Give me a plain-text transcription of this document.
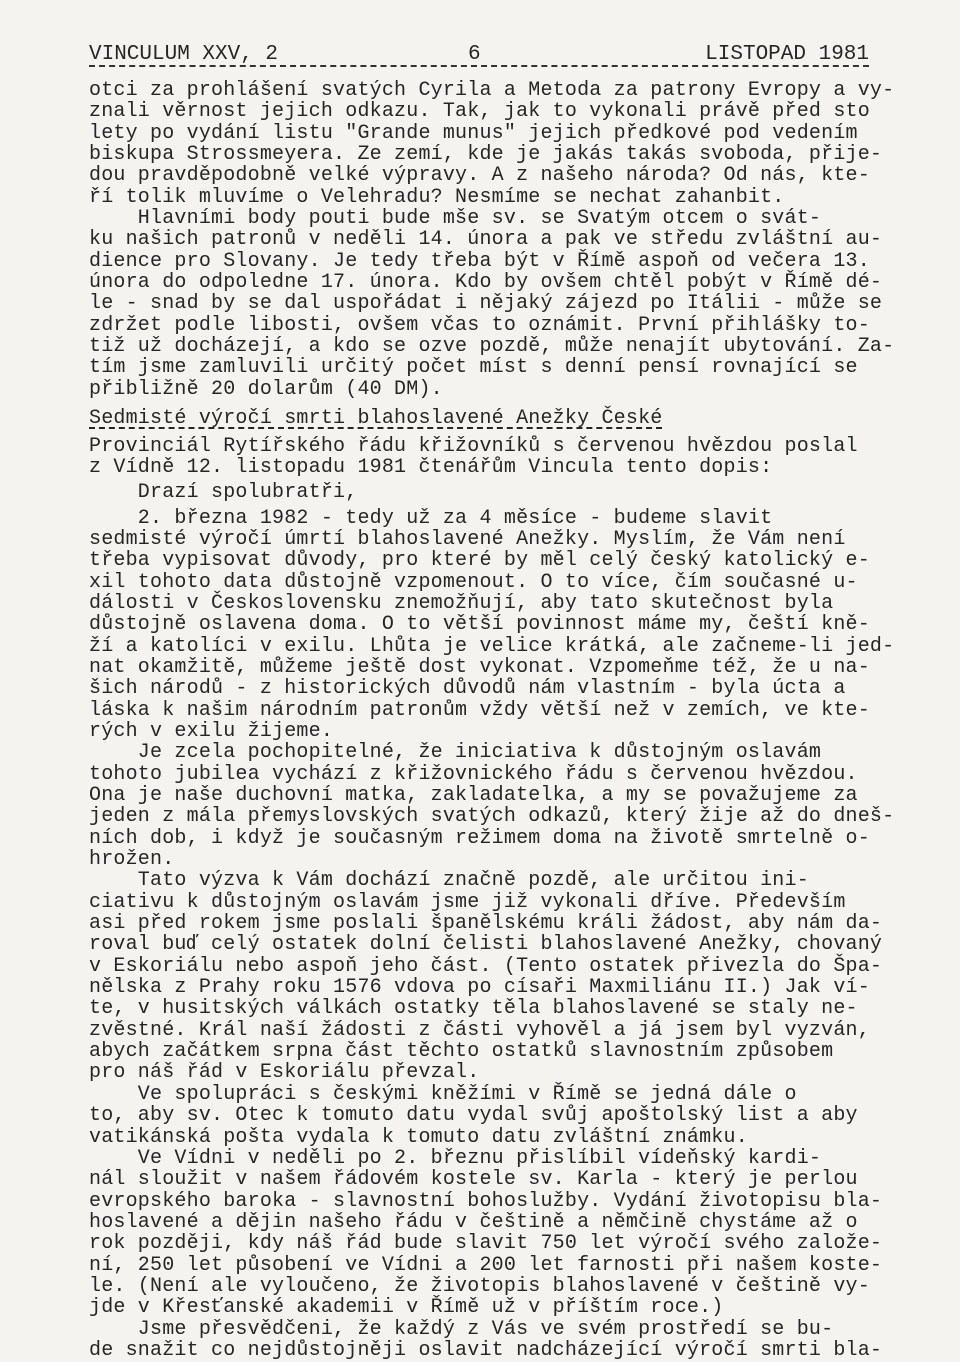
VINCULUM XXV, 2	6	LISTOPAD 1981
otci za prohlášení svatých Cyrila a Metoda za patrony Evropy a vy-
znali věrnost jejich odkazu. Tak, jak to vykonali právě před sto
lety po vydání listu "Grande munus" jejich předkové pod vedením
biskupa Strossmeyera. Ze zemí, kde je jakás takás svoboda, přije-
dou pravděpodobně velké výpravy. A z našeho národa? Od nás, kte-
ří tolik mluvíme o Velehradu? Nesmíme se nechat zahanbit.
Hlavními body pouti bude mše sv. se Svatým otcem o svát-
ku našich patronů v neděli 14. února a pak ve středu zvláštní au-
dience pro Slovany. Je tedy třeba být v Římě aspoň od večera 13.
února do odpoledne 17. února. Kdo by ovšem chtěl pobýt v Římě dé-
le - snad by se dal uspořádat i nějaký zájezd po Itálii - může se
zdržet podle libosti, ovšem včas to oznámit. První přihlášky to-
tiž už docházejí, a kdo se ozve pozdě, může nenajít ubytování. Za-
tím jsme zamluvili určitý počet míst s denní pensí rovnající se
přibližně 20 dolarům (40 DM).
Sedmisté výročí smrti blahoslavené Anežky České
Provinciál Rytířského řádu křižovníků s červenou hvězdou poslal
z Vídně 12. listopadu 1981 čtenářům Vincula tento dopis:
Drazí spolubratři,
2. března 1982 - tedy už za 4 měsíce - budeme slavit
sedmisté výročí úmrtí blahoslavené Anežky. Myslím, že Vám není
třeba vypisovat důvody, pro které by měl celý český katolický e-
xil tohoto data důstojně vzpomenout. O to více, čím současné u-
dálosti v Československu znemožňují, aby tato skutečnost byla
důstojně oslavena doma. O to větší povinnost máme my, čeští kně-
ží a katolíci v exilu. Lhůta je velice krátká, ale začneme-li jed-
nat okamžitě, můžeme ještě dost vykonat. Vzpomeňme též, že u na-
šich národů - z historických důvodů nám vlastním - byla úcta a
láska k našim národním patronům vždy větší než v zemích, ve kte-
rých v exilu žijeme.
Je zcela pochopitelné, že iniciativa k důstojným oslavám
tohoto jubilea vychází z křižovnického řádu s červenou hvězdou.
Ona je naše duchovní matka, zakladatelka, a my se považujeme za
jeden z mála přemyslovských svatých odkazů, který žije až do dneš-
ních dob, i když je současným režimem doma na životě smrtelně o-
hrožen.
Tato výzva k Vám dochází značně pozdě, ale určitou ini-
ciativu k důstojným oslavám jsme již vykonali dříve. Především
asi před rokem jsme poslali španělskému králi žádost, aby nám da-
roval buď celý ostatek dolní čelisti blahoslavené Anežky, chovaný
v Eskoriálu nebo aspoň jeho část. (Tento ostatek přivezla do Špa-
nělska z Prahy roku 1576 vdova po císaři Maxmiliánu II.) Jak ví-
te, v husitských válkách ostatky těla blahoslavené se staly ne-
zvěstné. Král naší žádosti z části vyhověl a já jsem byl vyzván,
abych začátkem srpna část těchto ostatků slavnostním způsobem
pro náš řád v Eskoriálu převzal.
Ve spolupráci s českými kněžími v Římě se jedná dále o
to, aby sv. Otec k tomuto datu vydal svůj apoštolský list a aby
vatikánská pošta vydala k tomuto datu zvláštní známku.
Ve Vídni v neděli po 2. březnu přislíbil vídeňský kardi-
nál sloužit v našem řádovém kostele sv. Karla - který je perlou
evropského baroka - slavnostní bohoslužby. Vydání životopisu bla-
hoslavené a dějin našeho řádu v češtině a němčině chystáme až o
rok později, kdy náš řád bude slavit 750 let výročí svého založe-
ní, 250 let působení ve Vídni a 200 let farnosti při našem koste-
le. (Není ale vyloučeno, že životopis blahoslavené v češtině vy-
jde v Křesťanské akademii v Římě už v příštím roce.)
Jsme přesvědčeni, že každý z Vás ve svém prostředí se bu-
de snažit co nejdůstojněji oslavit nadcházející výročí smrti bla-
